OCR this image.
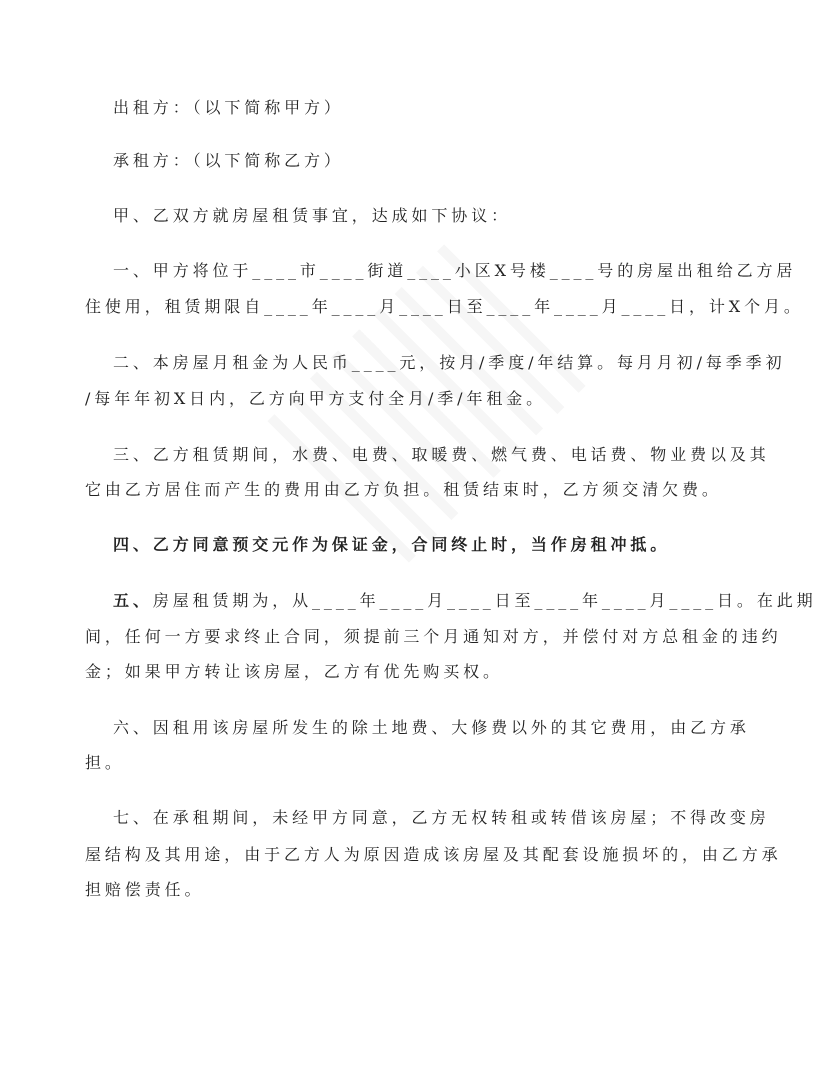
出租方：（以下简称甲方）
承租方：（以下简称乙方）
甲、乙双方就房屋租赁事宜，达成如下协议：
一、甲方将位于____市____街道____小区X号楼____号的房屋出租给乙方居
住使用，租赁期限自____年____月____日至____年____月____日，计X个月。
二、本房屋月租金为人民币____元，按月/季度/年结算。每月月初/每季季初
/每年年初X日内，乙方向甲方支付全月/季/年租金。
三、乙方租赁期间，水费、电费、取暖费、燃气费、电话费、物业费以及其
它由乙方居住而产生的费用由乙方负担。租赁结束时，乙方须交清欠费。
四、乙方同意预交元作为保证金，合同终止时，当作房租冲抵。
五、房屋租赁期为，从____年____月____日至____年____月____日。在此期
间，任何一方要求终止合同，须提前三个月通知对方，并偿付对方总租金的违约
金；如果甲方转让该房屋，乙方有优先购买权。
六、因租用该房屋所发生的除土地费、大修费以外的其它费用，由乙方承
担。
七、在承租期间，未经甲方同意，乙方无权转租或转借该房屋；不得改变房
屋结构及其用途，由于乙方人为原因造成该房屋及其配套设施损坏的，由乙方承
担赔偿责任。
